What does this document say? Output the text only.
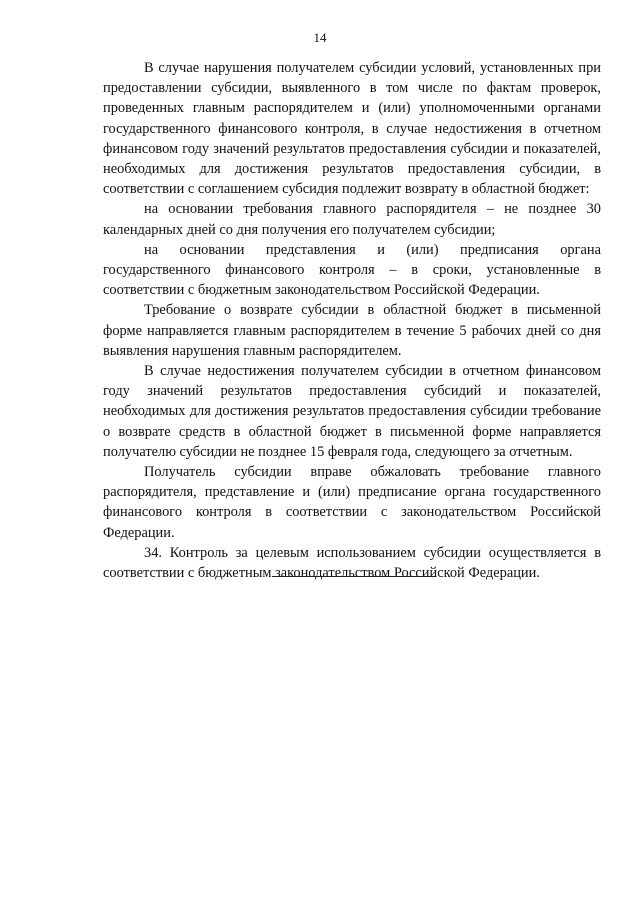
14

В случае нарушения получателем субсидии условий, установленных при предоставлении субсидии, выявленного в том числе по фактам проверок, проведенных главным распорядителем и (или) уполномоченными органами государственного финансового контроля, в случае недостижения в отчетном финансовом году значений результатов предоставления субсидии и показателей, необходимых для достижения результатов предоставления субсидии, в соответствии с соглашением субсидия подлежит возврату в областной бюджет:

на основании требования главного распорядителя – не позднее 30 календарных дней со дня получения его получателем субсидии;

на основании представления и (или) предписания органа государственного финансового контроля – в сроки, установленные в соответствии с бюджетным законодательством Российской Федерации.

Требование о возврате субсидии в областной бюджет в письменной форме направляется главным распорядителем в течение 5 рабочих дней со дня выявления нарушения главным распорядителем.

В случае недостижения получателем субсидии в отчетном финансовом году значений результатов предоставления субсидий и показателей, необходимых для достижения результатов предоставления субсидии требование о возврате средств в областной бюджет в письменной форме направляется получателю субсидии не позднее 15 февраля года, следующего за отчетным.

Получатель субсидии вправе обжаловать требование главного распорядителя, представление и (или) предписание органа государственного финансового контроля в соответствии с законодательством Российской Федерации.

34. Контроль за целевым использованием субсидии осуществляется в соответствии с бюджетным законодательством Российской Федерации.
